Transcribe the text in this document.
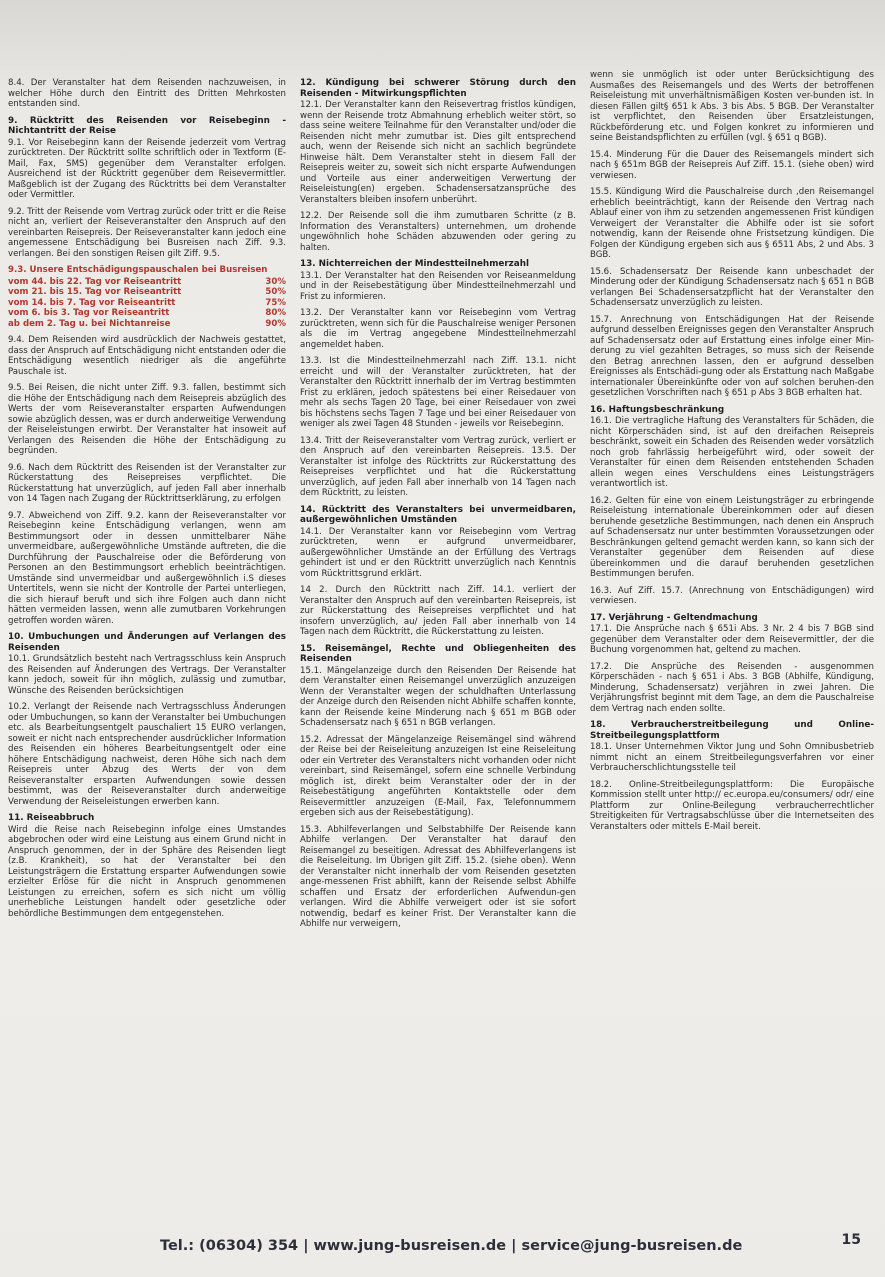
8.4. Der Veranstalter hat dem Reisenden nachzuweisen, in welcher Höhe durch den Eintritt des Dritten Mehrkosten entstanden sind.

9. Rücktritt des Reisenden vor Reisebeginn - Nichtantritt der Reise

9.1. Vor Reisebeginn kann der Reisende jederzeit vom Vertrag zurücktreten. Der Rücktritt sollte schriftlich oder in Textform (E-Mail, Fax, SMS) gegenüber dem Veranstalter erfolgen. Ausreichend ist der Rücktritt gegenüber dem Reisevermittler. Maßgeblich ist der Zugang des Rücktritts bei dem Veranstalter oder Vermittler.

9.2. Tritt der Reisende vom Vertrag zurück oder tritt er die Reise nicht an, verliert der Reiseveranstalter den Anspruch auf den vereinbarten Reisepreis. Der Reiseveranstalter kann jedoch eine angemessene Entschädigung bei Busreisen nach Ziff. 9.3. verlangen. Bei den sonstigen Reisen gilt Ziff. 9.5.

9.3. Unsere Entschädigungspauschalen bei Busreisen
vom 44. bis 22. Tag vor Reiseantritt	30%
vom 21. bis 15. Tag vor Reiseantritt	50%
vom 14. bis 7. Tag vor Reiseantritt	75%
vom 6. bis 3. Tag vor Reiseantritt	80%
ab dem 2. Tag u. bei Nichtanreise	90%

9.4. Dem Reisenden wird ausdrücklich der Nachweis gestattet, dass der Anspruch auf Entschädigung nicht entstanden oder die Entschädigung wesentlich niedriger als die angeführte Pauschale ist.

9.5. Bei Reisen, die nicht unter Ziff. 9.3. fallen, bestimmt sich die Höhe der Entschädigung nach dem Reisepreis abzüglich des Werts der vom Reiseveranstalter ersparten Aufwendungen sowie abzüglich dessen, was er durch anderweitige Verwendung der Reiseleistungen erwirbt. Der Veranstalter hat insoweit auf Verlangen des Reisenden die Höhe der Entschädigung zu begründen.

9.6. Nach dem Rücktritt des Reisenden ist der Veranstalter zur Rückerstattung des Reisepreises verpflichtet. Die Rückerstattung hat unverzüglich, auf jeden Fall aber innerhalb von 14 Tagen nach Zugang der Rücktrittserklärung, zu erfolgen

9.7. Abweichend von Ziff. 9.2. kann der Reiseveranstalter vor Reisebeginn keine Entschädigung verlangen, wenn am Bestimmungsort oder in dessen unmittelbarer Nähe unvermeidbare, außergewöhnliche Umstände auftreten, die die Durchführung der Pauschalreise oder die Beförderung von Personen an den Bestimmungsort erheblich beeinträchtigen. Umstände sind unvermeidbar und außergewöhnlich i.S dieses Untertitels, wenn sie nicht der Kontrolle der Partei unterliegen, die sich hierauf beruft und sich ihre Folgen auch dann nicht hätten vermeiden lassen, wenn alle zumutbaren Vorkehrungen getroffen worden wären.

10. Umbuchungen und Änderungen auf Verlangen des Reisenden

10.1. Grundsätzlich besteht nach Vertragsschluss kein Anspruch des Reisenden auf Änderungen des Vertrags. Der Veranstalter kann jedoch, soweit für ihn möglich, zulässig und zumutbar, Wünsche des Reisenden berücksichtigen

10.2. Verlangt der Reisende nach Vertragsschluss Änderungen oder Umbuchungen, so kann der Veranstalter bei Umbuchungen etc. als Bearbeitungsentgelt pauschaliert 15 EURO verlangen, soweit er nicht nach entsprechender ausdrücklicher Information des Reisenden ein höheres Bearbeitungsentgelt oder eine höhere Entschädigung nachweist, deren Höhe sich nach dem Reisepreis unter Abzug des Werts der von dem Reiseveranstalter ersparten Aufwendungen sowie dessen bestimmt, was der Reiseveranstalter durch anderweitige Verwendung der Reiseleistungen erwerben kann.

11. Reiseabbruch

Wird die Reise nach Reisebeginn infolge eines Umstandes abgebrochen oder wird eine Leistung aus einem Grund nicht in Anspruch genommen, der in der Sphäre des Reisenden liegt (z.B. Krankheit), so hat der Veranstalter bei den Leistungsträgern die Erstattung ersparter Aufwendungen sowie erzielter Erlöse für die nicht in Anspruch genommenen Leistungen zu erreichen, sofern es sich nicht um völlig unerhebliche Leistungen handelt oder gesetzliche oder behördliche Bestimmungen dem entgegenstehen.

12. Kündigung bei schwerer Störung durch den Reisenden - Mitwirkungspflichten

12.1. Der Veranstalter kann den Reisevertrag fristlos kündigen, wenn der Reisende trotz Abmahnung erheblich weiter stört, so dass seine weitere Teilnahme für den Veranstalter und/oder die Reisenden nicht mehr zumutbar ist. Dies gilt entsprechend auch, wenn der Reisende sich nicht an sachlich begründete Hinweise hält. Dem Veranstalter steht in diesem Fall der Reisepreis weiter zu, soweit sich nicht ersparte Aufwendungen und Vorteile aus einer anderweitigen Verwertung der Reiseleistung(en) ergeben. Schadensersatzansprüche des Veranstalters bleiben insofern unberührt.

12.2. Der Reisende soll die ihm zumutbaren Schritte (z B. Information des Veranstalters) unternehmen, um drohende ungewöhnlich hohe Schäden abzuwenden oder gering zu halten.

13. Nichterreichen der Mindestteilnehmerzahl

13.1. Der Veranstalter hat den Reisenden vor Reiseanmeldung und in der Reisebestätigung über Mindestteilnehmerzahl und Frist zu informieren.

13.2. Der Veranstalter kann vor Reisebeginn vom Vertrag zurücktreten, wenn sich für die Pauschalreise weniger Personen als die im Vertrag angegebene Mindestteilnehmerzahl angemeldet haben.

13.3. Ist die Mindestteilnehmerzahl nach Ziff. 13.1. nicht erreicht und will der Veranstalter zurücktreten, hat der Veranstalter den Rücktritt innerhalb der im Vertrag bestimmten Frist zu erklären, jedoch spätestens bei einer Reisedauer von mehr als sechs Tagen 20 Tage, bei einer Reisedauer von zwei bis höchstens sechs Tagen 7 Tage und bei einer Reisedauer von weniger als zwei Tagen 48 Stunden - jeweils vor Reisebeginn.

13.4. Tritt der Reiseveranstalter vom Vertrag zurück, verliert er den Anspruch auf den vereinbarten Reisepreis. 13.5. Der Veranstalter ist infolge des Rücktritts zur Rückerstattung des Reisepreises verpflichtet und hat die Rückerstattung unverzüglich, auf jeden Fall aber innerhalb von 14 Tagen nach dem Rücktritt, zu leisten.

14. Rücktritt des Veranstalters bei unvermeidbaren, außergewöhnlichen Umständen

14.1. Der Veranstalter kann vor Reisebeginn vom Vertrag zurücktreten, wenn er aufgrund unvermeidbarer, außergewöhnlicher Umstände an der Erfüllung des Vertrags gehindert ist und er den Rücktritt unverzüglich nach Kenntnis vom Rücktrittsgrund erklärt.

14 2. Durch den Rücktritt nach Ziff. 14.1. verliert der Veranstalter den Anspruch auf den vereinbarten Reisepreis, ist zur Rückerstattung des Reisepreises verpflichtet und hat insofern unverzüglich, au/ jeden Fall aber innerhalb von 14 Tagen nach dem Rücktritt, die Rückerstattung zu leisten.

15. Reisemängel, Rechte und Obliegenheiten des Reisenden

15.1. Mängelanzeige durch den Reisenden Der Reisende hat dem Veranstalter einen Reisemangel unverzüglich anzuzeigen Wenn der Veranstalter wegen der schuldhaften Unterlassung der Anzeige durch den Reisenden nicht Abhilfe schaffen konnte, kann der Reisende keine Minderung nach § 651 m BGB oder Schadensersatz nach § 651 n BGB verlangen.

15.2. Adressat der Mängelanzeige Reisemängel sind während der Reise bei der Reiseleitung anzuzeigen Ist eine Reiseleitung oder ein Vertreter des Veranstalters nicht vorhanden oder nicht vereinbart, sind Reisemängel, sofern eine schnelle Verbindung möglich ist, direkt beim Veranstalter oder der in der Reisebestätigung angeführten Kontaktstelle oder dem Reisevermittler anzuzeigen (E-Mail, Fax, Telefonnummern ergeben sich aus der Reisebestätigung).

15.3. Abhilfeverlangen und Selbstabhilfe Der Reisende kann Abhilfe verlangen. Der Veranstalter hat darauf den Reisemangel zu beseitigen. Adressat des Abhilfeverlangens ist die Reiseleitung. Im Übrigen gilt Ziff. 15.2. (siehe oben). Wenn der Veranstalter nicht innerhalb der vom Reisenden gesetzten ange-messenen Frist abhilft, kann der Reisende selbst Abhilfe schaffen und Ersatz der erforderlichen Aufwendun-gen verlangen. Wird die Abhilfe verweigert oder ist sie sofort notwendig, bedarf es keiner Frist. Der Veranstalter kann die Abhilfe nur verweigern,

wenn sie unmöglich ist oder unter Berücksichtigung des Ausmaßes des Reisemangels und des Werts der betroffenen Reiseleistung mit unverhältnismäßigen Kosten ver-bunden ist. In diesen Fällen gilt§ 651 k Abs. 3 bis Abs. 5 BGB. Der Veranstalter ist verpflichtet, den Reisenden über Ersatzleistungen, Rückbeförderung etc. und Folgen konkret zu informieren und seine Beistandspflichten zu erfüllen (vgl. § 651 q BGB).

15.4. Minderung Für die Dauer des Reisemangels mindert sich nach § 651m BGB der Reisepreis Auf Ziff. 15.1. (siehe oben) wird verwiesen.

15.5. Kündigung Wird die Pauschalreise durch ,den Reisemangel erheblich beeinträchtigt, kann der Reisende den Vertrag nach Ablauf einer von ihm zu setzenden angemessenen Frist kündigen Verweigert der Veranstalter die Abhilfe oder ist sie sofort notwendig, kann der Reisende ohne Fristsetzung kündigen. Die Folgen der Kündigung ergeben sich aus § 6511 Abs, 2 und Abs. 3 BGB.

15.6. Schadensersatz Der Reisende kann unbeschadet der Minderung oder der Kündigung Schadensersatz nach § 651 n BGB verlangen Bei Schadensersatzpflicht hat der Veranstalter den Schadensersatz unverzüglich zu leisten.

15.7. Anrechnung von Entschädigungen Hat der Reisende aufgrund desselben Ereignisses gegen den Veranstalter Anspruch auf Schadensersatz oder auf Erstattung eines infolge einer Min-derung zu viel gezahlten Betrages, so muss sich der Reisende den Betrag anrechnen lassen, den er aufgrund desselben Ereignisses als Entschädi-gung oder als Erstattung nach Maßgabe internationaler Übereinkünfte oder von auf solchen beruhen-den gesetzlichen Vorschriften nach § 651 p Abs 3 BGB erhalten hat.

16. Haftungsbeschränkung

16.1. Die vertragliche Haftung des Veranstalters für Schäden, die nicht Körperschäden sind, ist auf den dreifachen Reisepreis beschränkt, soweit ein Schaden des Reisenden weder vorsätzlich noch grob fahrlässig herbeigeführt wird, oder soweit der Veranstalter für einen dem Reisenden entstehenden Schaden allein wegen eines Verschuldens eines Leistungsträgers verantwortlich ist.

16.2. Gelten für eine von einem Leistungsträger zu erbringende Reiseleistung internationale Übereinkommen oder auf diesen beruhende gesetzliche Bestimmungen, nach denen ein Anspruch auf Schadensersatz nur unter bestimmten Voraussetzungen oder Beschränkungen geltend gemacht werden kann, so kann sich der Veranstalter gegenüber dem Reisenden auf diese übereinkommen und die darauf beruhenden gesetzlichen Bestimmungen berufen.

16.3. Auf Ziff. 15.7. (Anrechnung von Entschädigungen) wird verwiesen.

17. Verjährung - Geltendmachung

17.1. Die Ansprüche nach § 651i Abs. 3 Nr. 2 4 bis 7 BGB sind gegenüber dem Veranstalter oder dem Reisevermittler, der die Buchung vorgenommen hat, geltend zu machen.

17.2. Die Ansprüche des Reisenden - ausgenommen Körperschäden - nach § 651 i Abs. 3 BGB (Abhilfe, Kündigung, Minderung, Schadensersatz) verjähren in zwei Jahren. Die Verjährungsfrist beginnt mit dem Tage, an dem die Pauschalreise dem Vertrag nach enden sollte.

18. Verbraucherstreitbeilegung und Online-Streitbeilegungsplattform

18.1. Unser Unternehmen Viktor Jung und Sohn Omnibusbetrieb nimmt nicht an einem Streitbeilegungsverfahren vor einer Verbraucherschlichtungsstelle teil

18.2. Online-Streitbeilegungsplattform: Die Europäische Kommission stellt unter http:// ec.europa.eu/consumers/ odr/ eine Plattform zur Online-Beilegung verbraucherrechtlicher Streitigkeiten für Vertragsabschlüsse über die Internetseiten des Veranstalters oder mittels E-Mail bereit.

Tel.: (06304) 354 | www.jung-busreisen.de | service@jung-busreisen.de	15
